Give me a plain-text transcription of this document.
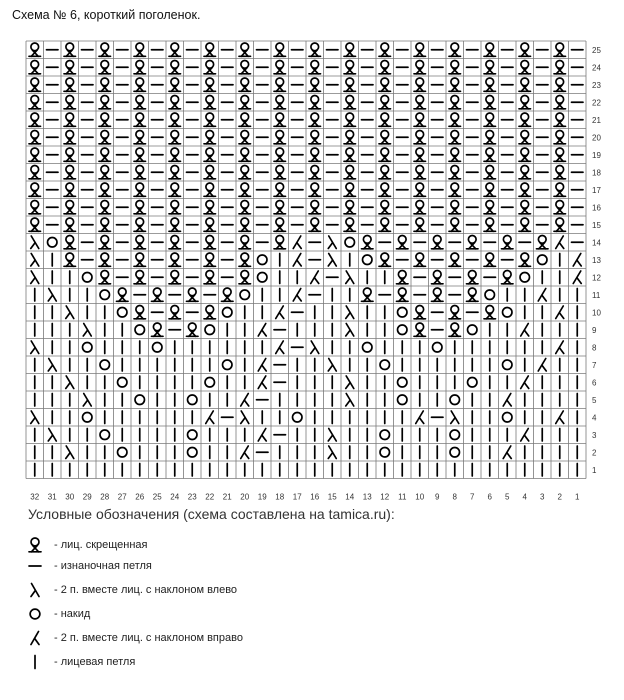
Схема № 6, короткий поголенок.
25
24
23
22
21
20
19
18
17
16
15
14
13
12
11
10
9
8
7
6
5
4
3
2
1
32 31 30 29 28 27 26 25 24 23 22 21 20 19 18 17 16 15 14 13 12 11 10 9 8 7 6 5 4 3 2 1
Условные обозначения (схема составлена на tamica.ru):
- лиц. скрещенная
- изнаночная петля
- 2 п. вместе лиц. с наклоном влево
- накид
- 2 п. вместе лиц. с наклоном вправо
- лицевая петля
